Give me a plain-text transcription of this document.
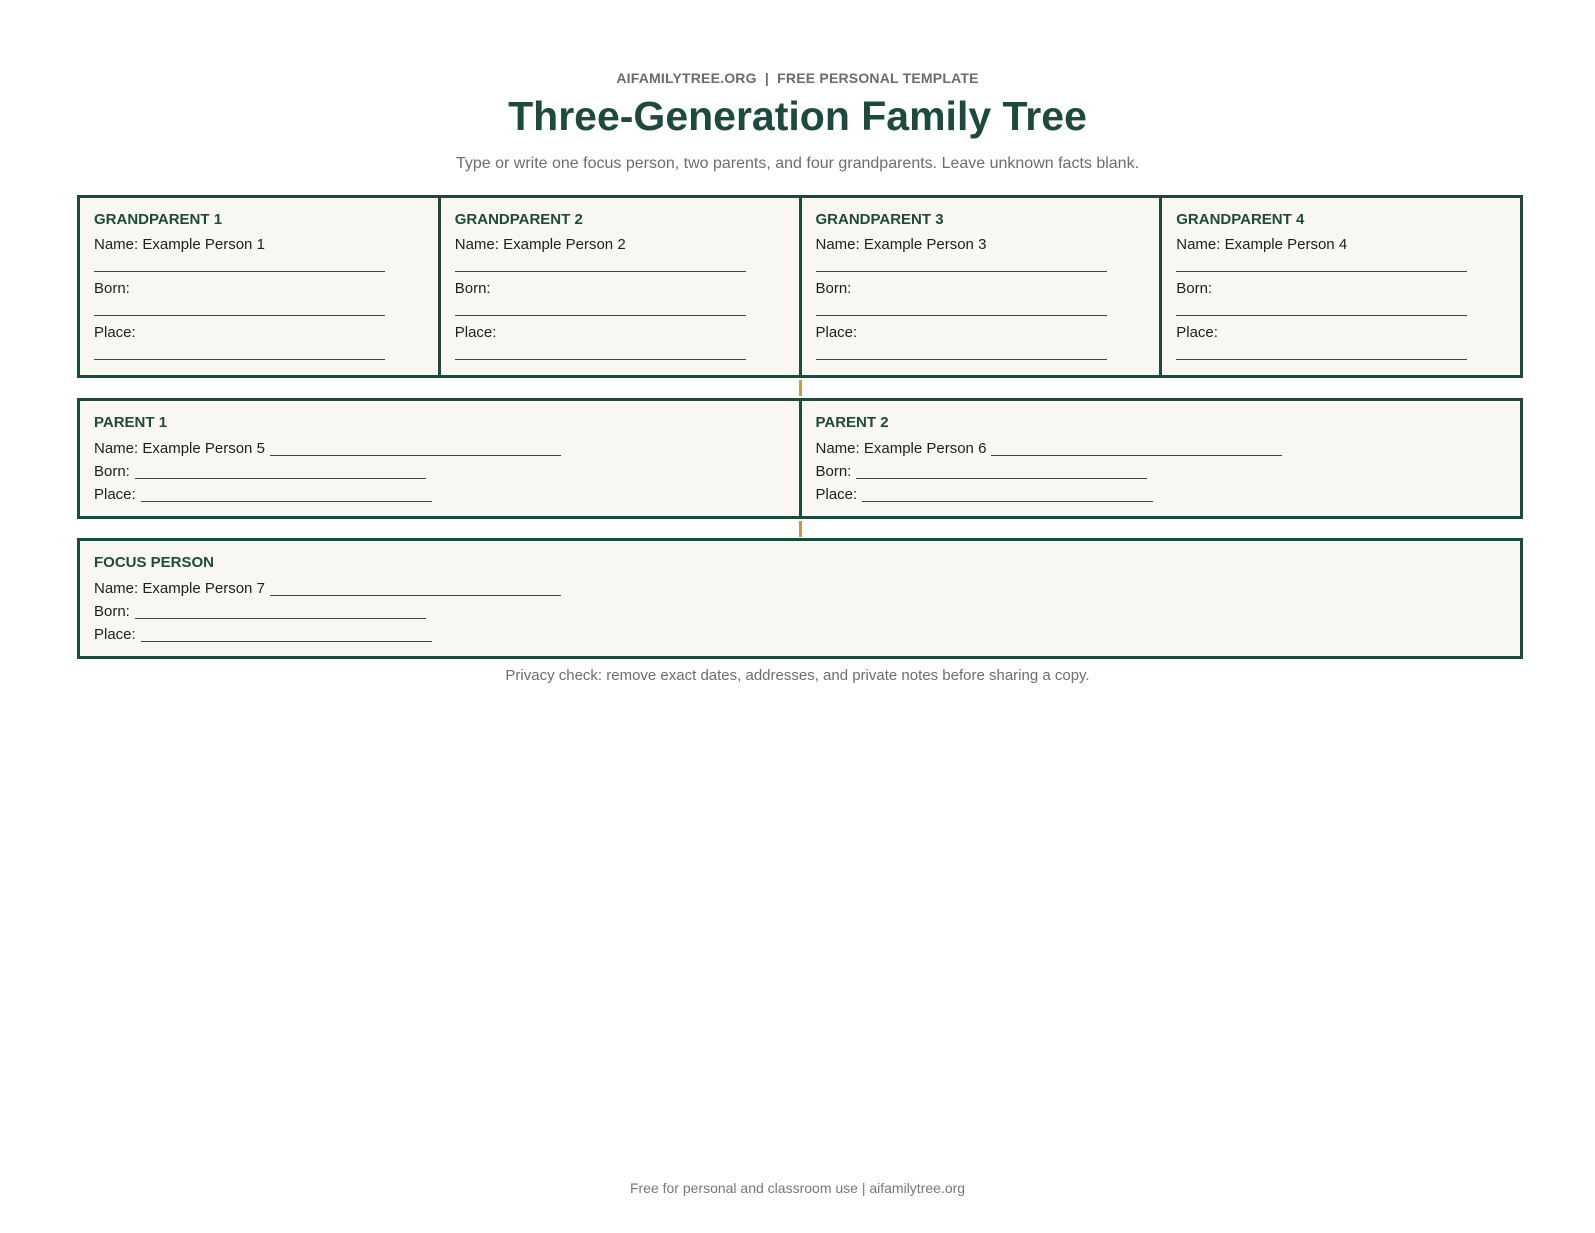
AIFAMILYTREE.ORG  |  FREE PERSONAL TEMPLATE
Three-Generation Family Tree
Type or write one focus person, two parents, and four grandparents. Leave unknown facts blank.
GRANDPARENT 1
Name: Example Person 1
Born:
Place:
GRANDPARENT 2
Name: Example Person 2
Born:
Place:
GRANDPARENT 3
Name: Example Person 3
Born:
Place:
GRANDPARENT 4
Name: Example Person 4
Born:
Place:
PARENT 1
Name: Example Person 5
Born:
Place:
PARENT 2
Name: Example Person 6
Born:
Place:
FOCUS PERSON
Name: Example Person 7
Born:
Place:
Privacy check: remove exact dates, addresses, and private notes before sharing a copy.
Free for personal and classroom use | aifamilytree.org
